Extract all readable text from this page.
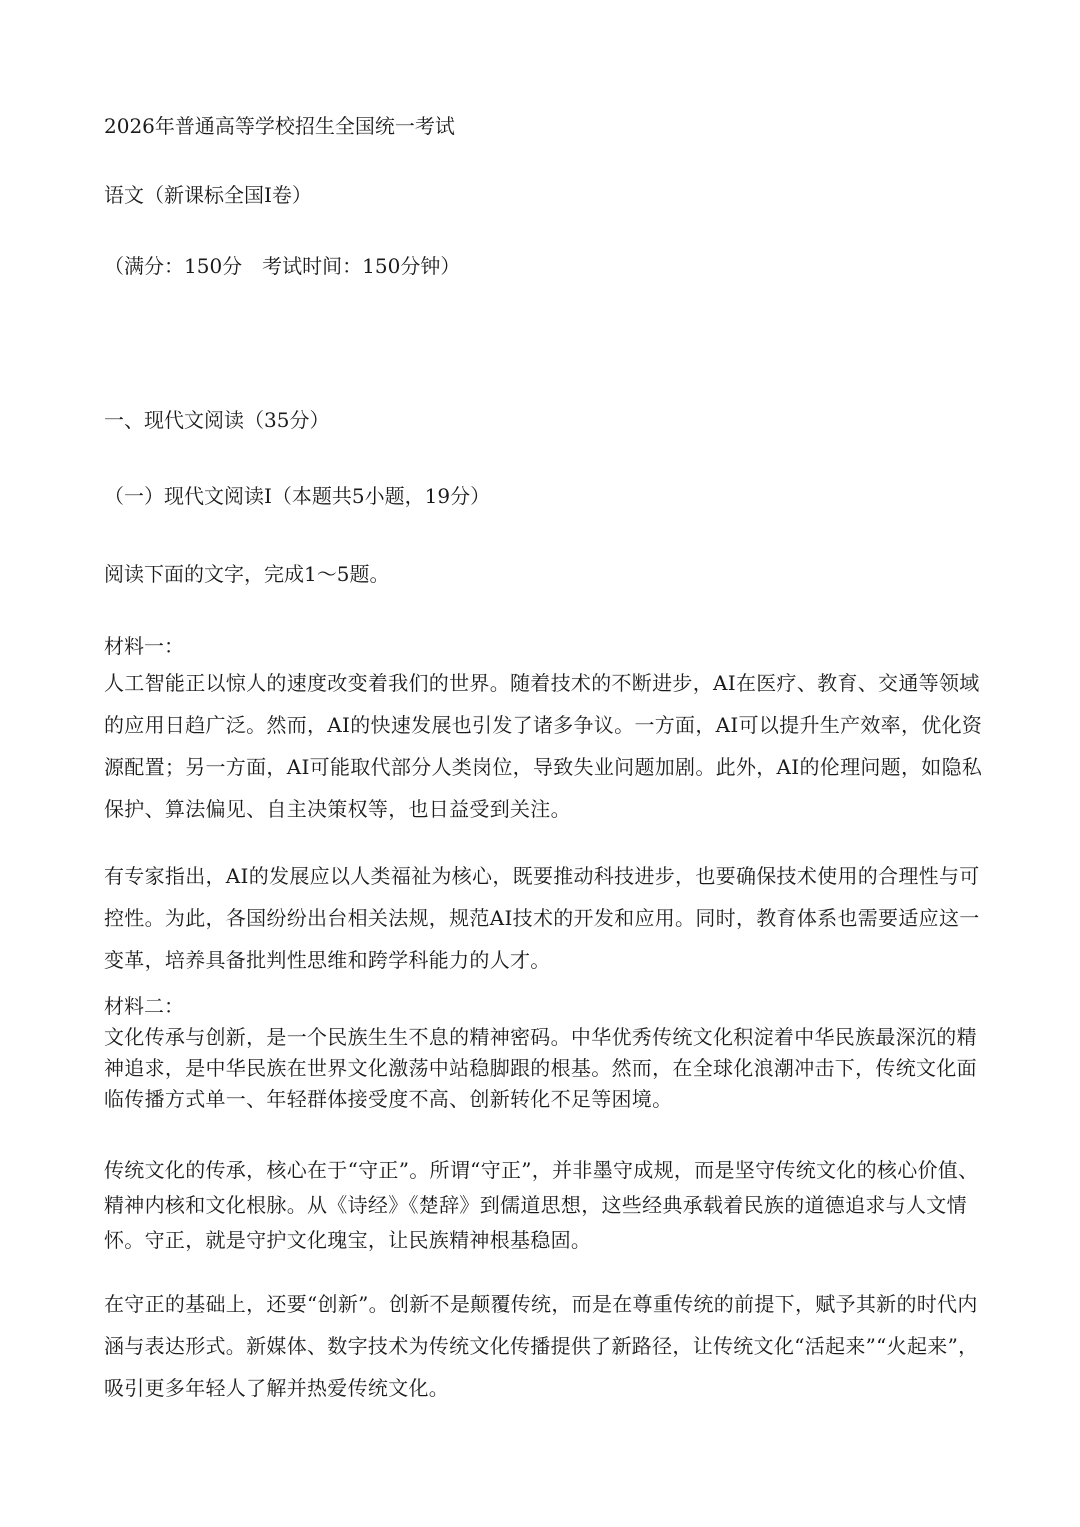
2026年普通高等学校招生全国统一考试

语文（新课标全国Ⅰ卷）

（满分：150分　考试时间：150分钟）

一、现代文阅读（35分）

（一）现代文阅读Ⅰ（本题共5小题，19分）

阅读下面的文字，完成1～5题。

材料一：

人工智能正以惊人的速度改变着我们的世界。随着技术的不断进步，AI在医疗、教育、交通等领域的应用日趋广泛。然而，AI的快速发展也引发了诸多争议。一方面，AI可以提升生产效率，优化资源配置；另一方面，AI可能取代部分人类岗位，导致失业问题加剧。此外，AI的伦理问题，如隐私保护、算法偏见、自主决策权等，也日益受到关注。

有专家指出，AI的发展应以人类福祉为核心，既要推动科技进步，也要确保技术使用的合理性与可控性。为此，各国纷纷出台相关法规，规范AI技术的开发和应用。同时，教育体系也需要适应这一变革，培养具备批判性思维和跨学科能力的人才。

材料二：

文化传承与创新，是一个民族生生不息的精神密码。中华优秀传统文化积淀着中华民族最深沉的精神追求，是中华民族在世界文化激荡中站稳脚跟的根基。然而，在全球化浪潮冲击下，传统文化面临传播方式单一、年轻群体接受度不高、创新转化不足等困境。

传统文化的传承，核心在于“守正”。所谓“守正”，并非墨守成规，而是坚守传统文化的核心价值、精神内核和文化根脉。从《诗经》《楚辞》到儒道思想，这些经典承载着民族的道德追求与人文情怀。守正，就是守护文化瑰宝，让民族精神根基稳固。

在守正的基础上，还要“创新”。创新不是颠覆传统，而是在尊重传统的前提下，赋予其新的时代内涵与表达形式。新媒体、数字技术为传统文化传播提供了新路径，让传统文化“活起来”“火起来”，吸引更多年轻人了解并热爱传统文化。
